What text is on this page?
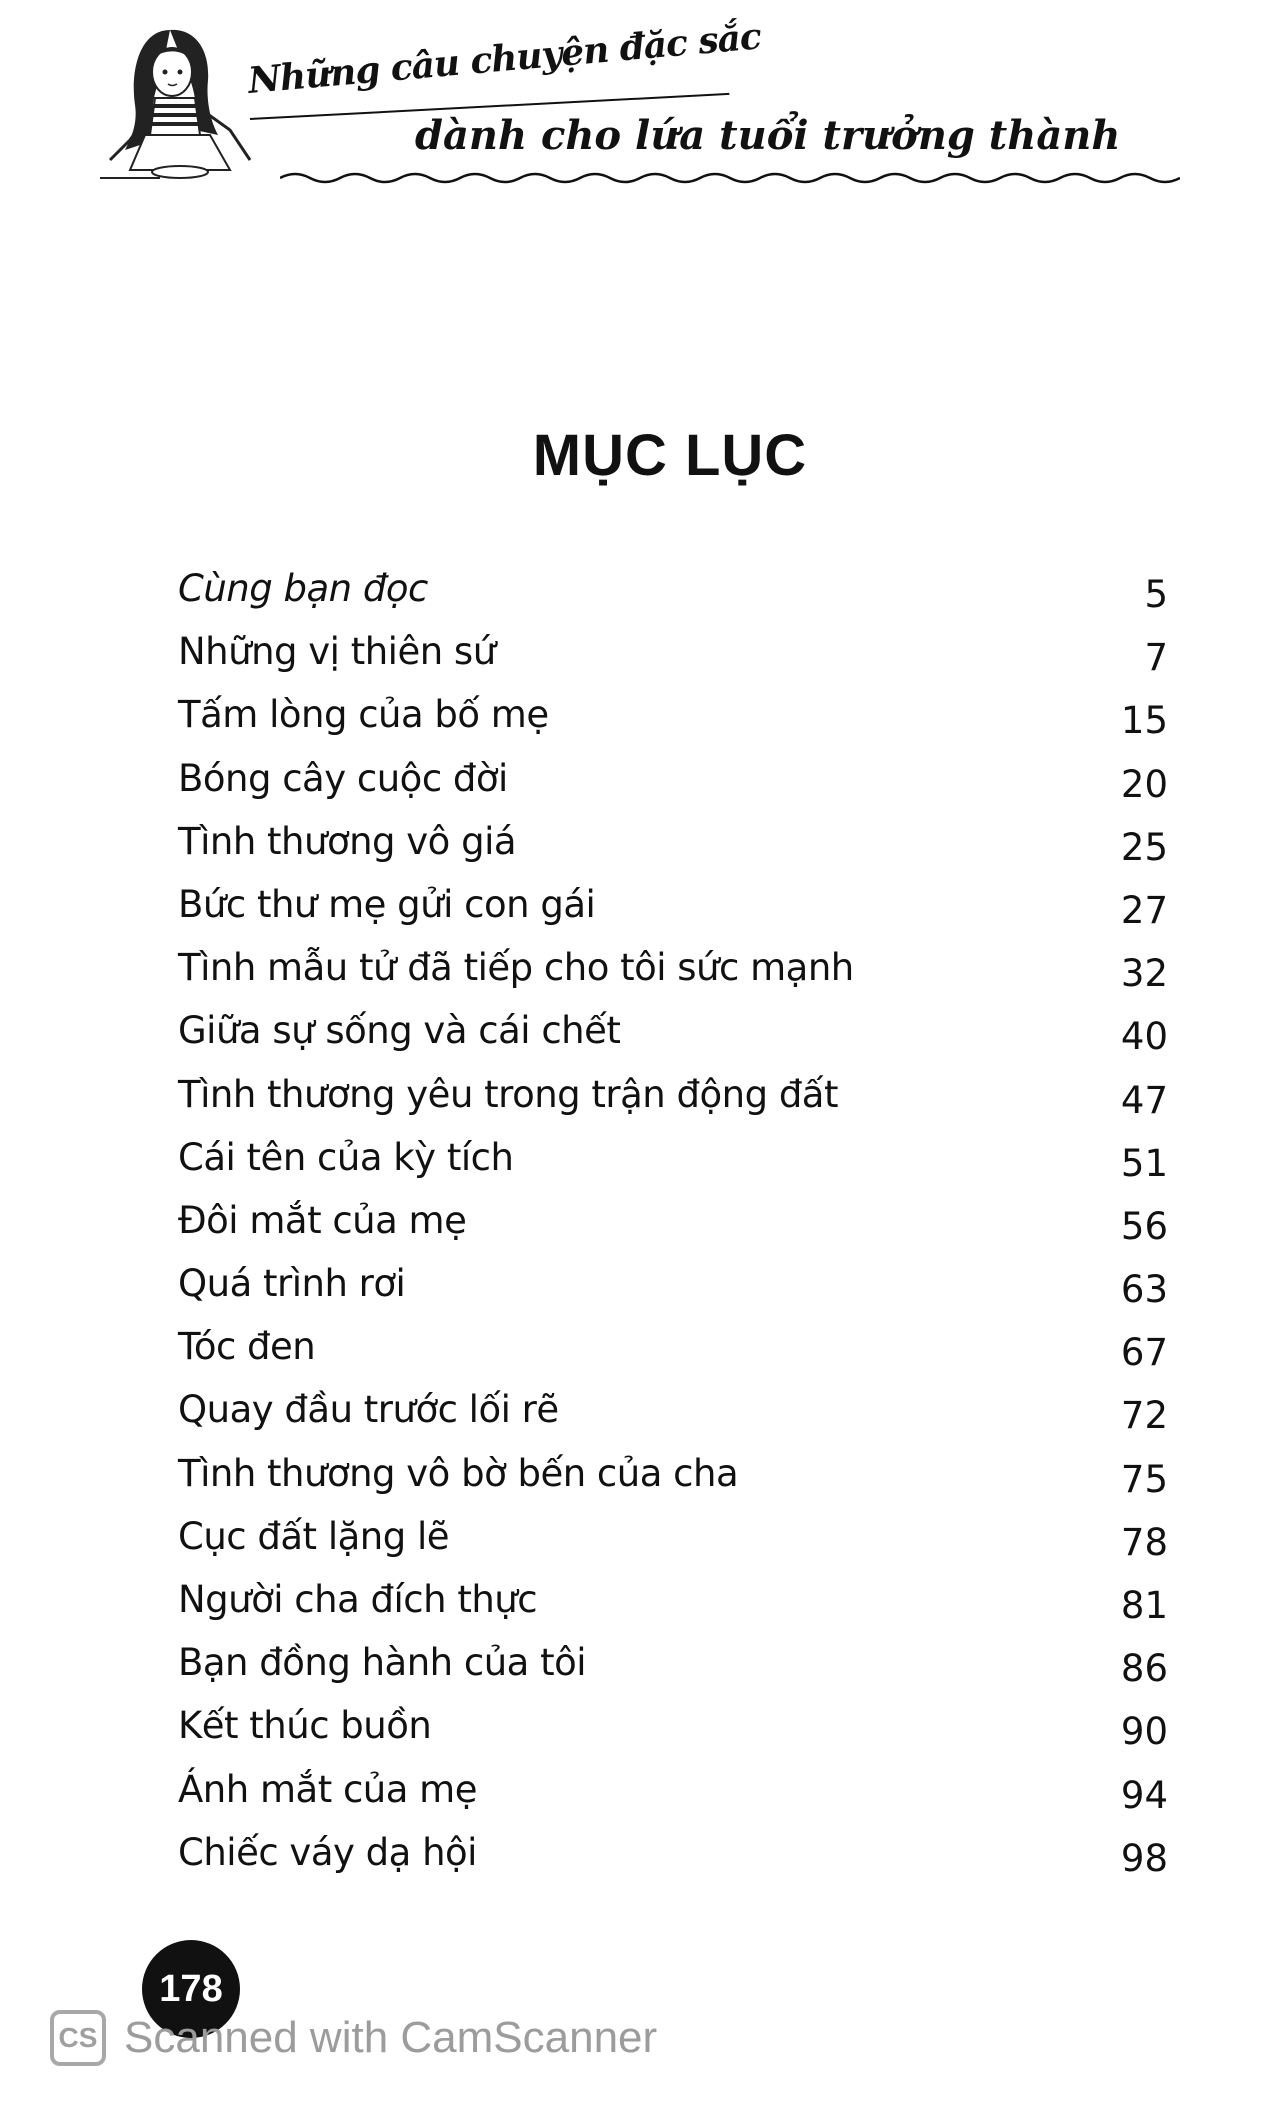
Những câu chuyện đặc sắc
dành cho lứa tuổi trưởng thành
MỤC LỤC
Cùng bạn đọc	5
Những vị thiên sứ	7
Tấm lòng của bố mẹ	15
Bóng cây cuộc đời	20
Tình thương vô giá	25
Bức thư mẹ gửi con gái	27
Tình mẫu tử đã tiếp cho tôi sức mạnh	32
Giữa sự sống và cái chết	40
Tình thương yêu trong trận động đất	47
Cái tên của kỳ tích	51
Đôi mắt của mẹ	56
Quá trình rơi	63
Tóc đen	67
Quay đầu trước lối rẽ	72
Tình thương vô bờ bến của cha	75
Cục đất lặng lẽ	78
Người cha đích thực	81
Bạn đồng hành của tôi	86
Kết thúc buồn	90
Ánh mắt của mẹ	94
Chiếc váy dạ hội	98
178
CS Scanned with CamScanner
